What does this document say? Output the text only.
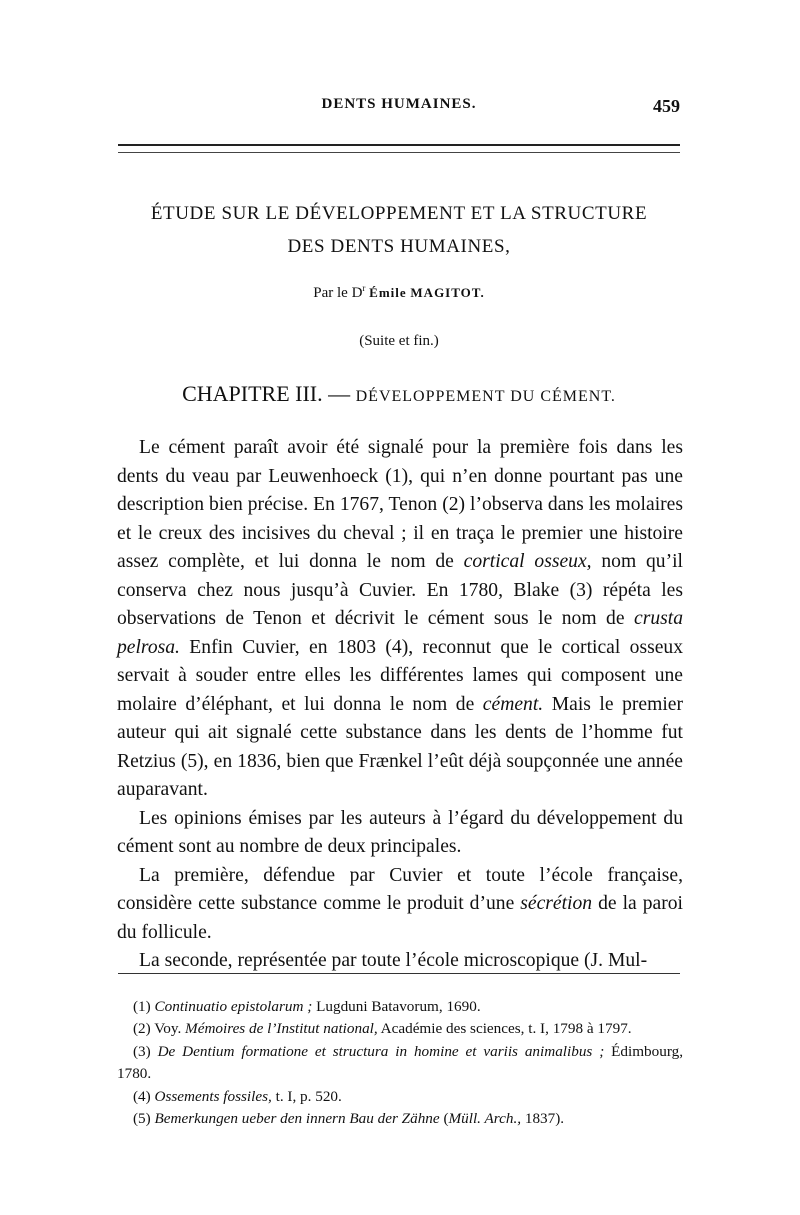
DENTS HUMAINES.	459
ÉTUDE SUR LE DÉVELOPPEMENT ET LA STRUCTURE
DES DENTS HUMAINES,
Par le $D^r$ Émile MAGITOT.
(Suite et fin.)
CHAPITRE III. — DÉVELOPPEMENT DU CÉMENT.

Le cément paraît avoir été signalé pour la première fois dans les dents du veau par Leuwenhoeck (1), qui n’en donne pourtant pas une description bien précise. En 1767, Tenon (2) l’observa dans les molaires et le creux des incisives du cheval ; il en traça le premier une histoire assez complète, et lui donna le nom de cortical osseux, nom qu’il conserva chez nous jusqu’à Cuvier. En 1780, Blake (3) répéta les observations de Tenon et décrivit le cément sous le nom de crusta pelrosa. Enfin Cuvier, en 1803 (4), reconnut que le cortical osseux servait à souder entre elles les différentes lames qui composent une molaire d’éléphant, et lui donna le nom de cément. Mais le premier auteur qui ait signalé cette substance dans les dents de l’homme fut Retzius (5), en 1836, bien que Frænkel l’eût déjà soupçonnée une année auparavant.

Les opinions émises par les auteurs à l’égard du développement du cément sont au nombre de deux principales.

La première, défendue par Cuvier et toute l’école française, considère cette substance comme le produit d’une sécrétion de la paroi du follicule.

La seconde, représentée par toute l’école microscopique (J. Mul-

(1) Continuatio epistolarum ; Lugduni Batavorum, 1690.

(2) Voy. Mémoires de l’Institut national, Académie des sciences, t. I, 1798 à 1797.

(3) De Dentium formatione et structura in homine et variis animalibus ; Édimbourg, 1780.

(4) Ossements fossiles, t. I, p. 520.

(5) Bemerkungen ueber den innern Bau der Zähne (Müll. Arch., 1837).
